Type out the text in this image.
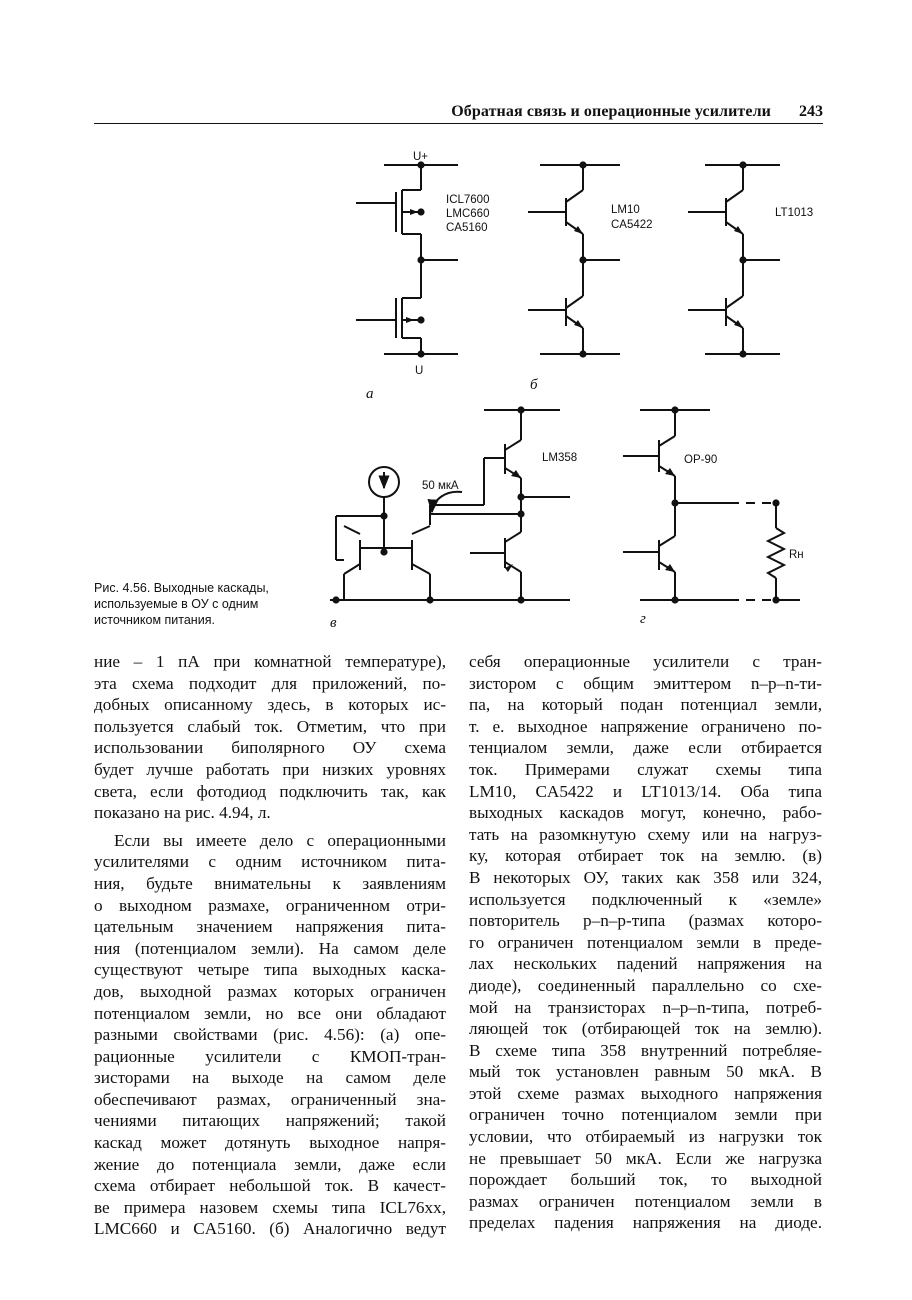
Обратная связь и операционные усилители 243
U+
U
ICL7600
LMC660
CA5160
LM10
CA5422
LT1013
LM358
50 мкА
OP-90
Rн
a
б
в	г
Рис. 4.56. Выходные каскады, используемые в ОУ с одним источником питания.

ние – 1 пА при комнатной температуре),
эта схема подходит для приложений, по-
добных описанному здесь, в которых ис-
пользуется слабый ток. Отметим, что при
использовании биполярного ОУ схема
будет лучше работать при низких уровнях
света, если фотодиод подключить так, как
показано на рис. 4.94, л.

Если вы имеете дело с операционными
усилителями с одним источником пита-
ния, будьте внимательны к заявлениям
о выходном размахе, ограниченном отри-
цательным значением напряжения пита-
ния (потенциалом земли). На самом деле
существуют четыре типа выходных каска-
дов, выходной размах которых ограничен
потенциалом земли, но все они обладают
разными свойствами (рис. 4.56): (а) опе-
рационные усилители с КМОП-тран-
зисторами на выходе на самом деле
обеспечивают размах, ограниченный зна-
чениями питающих напряжений; такой
каскад может дотянуть выходное напря-
жение до потенциала земли, даже если
схема отбирает небольшой ток. В качест-
ве примера назовем схемы типа ICL76xx,
LMC660 и CA5160. (б) Аналогично ведут

себя операционные усилители с тран-
зистором с общим эмиттером n–p–n-ти-
па, на который подан потенциал земли,
т. е. выходное напряжение ограничено по-
тенциалом земли, даже если отбирается
ток. Примерами служат схемы типа
LM10, CA5422 и LT1013/14. Оба типа
выходных каскадов могут, конечно, рабо-
тать на разомкнутую схему или на нагруз-
ку, которая отбирает ток на землю. (в)
В некоторых ОУ, таких как 358 или 324,
используется подключенный к «земле»
повторитель p–n–p-типа (размах которо-
го ограничен потенциалом земли в преде-
лах нескольких падений напряжения на
диоде), соединенный параллельно со схе-
мой на транзисторах n–p–n-типа, потреб-
ляющей ток (отбирающей ток на землю).
В схеме типа 358 внутренний потребляе-
мый ток установлен равным 50 мкА. В
этой схеме размах выходного напряжения
ограничен точно потенциалом земли при
условии, что отбираемый из нагрузки ток
не превышает 50 мкА. Если же нагрузка
порождает больший ток, то выходной
размах ограничен потенциалом земли в
пределах падения напряжения на диоде.
